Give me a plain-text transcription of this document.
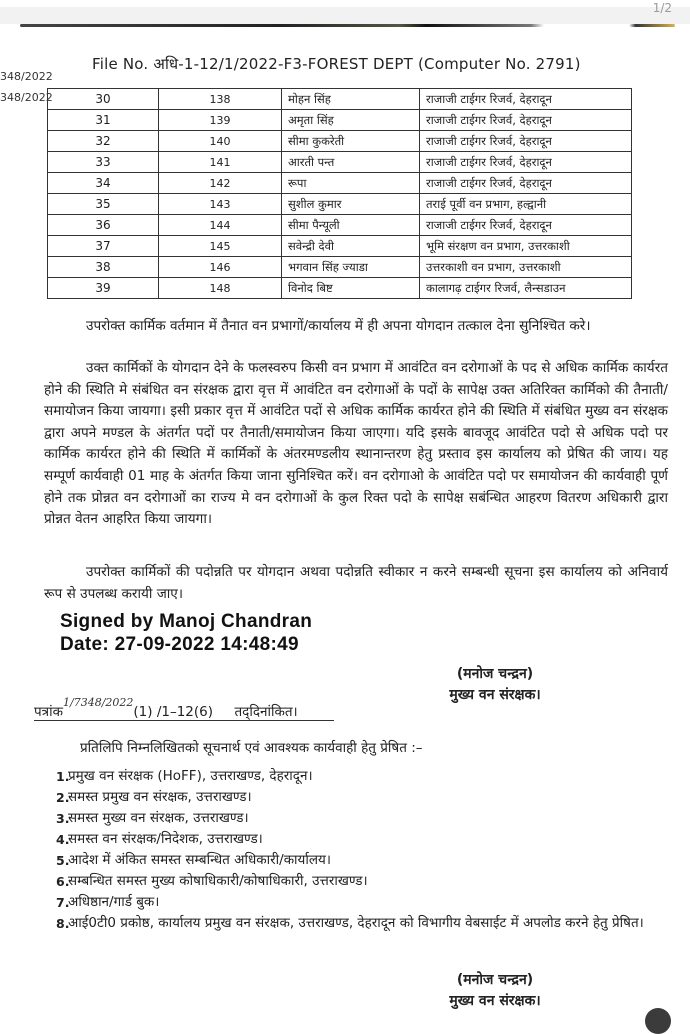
1/2
File No. अधि-1-12/1/2022-F3-FOREST DEPT (Computer No. 2791)
348/2022
348/2022	30	138	मोहन सिंह	राजाजी टाईगर रिजर्व, देहरादून
31	139	अमृता सिंह	राजाजी टाईगर रिजर्व, देहरादून
32	140	सीमा कुकरेती	राजाजी टाईगर रिजर्व, देहरादून
33	141	आरती पन्त	राजाजी टाईगर रिजर्व, देहरादून
34	142	रूपा	राजाजी टाईगर रिजर्व, देहरादून
35	143	सुशील कुमार	तराई पूर्वी वन प्रभाग, हल्द्वानी
36	144	सीमा पैन्यूली	राजाजी टाईगर रिजर्व, देहरादून
37	145	सवेन्द्री देवी	भूमि संरक्षण वन प्रभाग, उत्तरकाशी
38	146	भगवान सिंह ज्याडा	उत्तरकाशी वन प्रभाग, उत्तरकाशी
39	148	विनोद बिष्ट	कालागढ़ टाईगर रिजर्व, लैन्सडाउन
उपरोक्त कार्मिक वर्तमान में तैनात वन प्रभागों/कार्यालय में ही अपना योगदान तत्काल देना सुनिश्चित करे।
उक्त कार्मिकों के योगदान देने के फलस्वरुप किसी वन प्रभाग में आवंटित वन दरोगाओं के पद से अधिक कार्मिक कार्यरत होने की स्थिति मे संबंधित वन संरक्षक द्वारा वृत्त में आवंटित वन दरोगाओं के पदों के सापेक्ष उक्त अतिरिक्त कार्मिको की तैनाती/समायोजन किया जायगा। इसी प्रकार वृत्त में आवंटित पदों से अधिक कार्मिक कार्यरत होने की स्थिति में संबंधित मुख्य वन संरक्षक द्वारा अपने मण्डल के अंतर्गत पदों पर तैनाती/समायोजन किया जाएगा। यदि इसके बावजूद आवंटित पदो से अधिक पदो पर कार्मिक कार्यरत होने की स्थिति में कार्मिकों के अंतरमण्डलीय स्थानान्तरण हेतु प्रस्ताव इस कार्यालय को प्रेषित की जाय। यह सम्पूर्ण कार्यवाही 01 माह के अंतर्गत किया जाना सुनिश्चित करें। वन दरोगाओ के आवंटित पदो पर समायोजन की कार्यवाही पूर्ण होने तक प्रोन्नत वन दरोगाओं का राज्य मे वन दरोगाओं के कुल रिक्त पदो के सापेक्ष सबंन्धित आहरण वितरण अधिकारी द्वारा प्रोन्नत वेतन आहरित किया जायगा।
उपरोक्त कार्मिकों की पदोन्नति पर योगदान अथवा पदोन्नति स्वीकार न करने सम्बन्धी सूचना इस कार्यालय को अनिवार्य रूप से उपलब्ध करायी जाए।
Signed by Manoj Chandran
Date: 27-09-2022 14:48:49
(मनोज चन्द्रन)
मुख्य वन संरक्षक।
पत्रांक$^{1/7348/2022}$(1) /1–12(6) तद्‌दिनांकित।
प्रतिलिपि निम्नलिखितको सूचनार्थ एवं आवश्यक कार्यवाही हेतु प्रेषित :–
1.
प्रमुख वन संरक्षक (HoFF), उत्तराखण्ड, देहरादून।
2.
समस्त प्रमुख वन संरक्षक, उत्तराखण्ड।
3.
समस्त मुख्य वन संरक्षक, उत्तराखण्ड।
4.
समस्त वन संरक्षक/निदेशक, उत्तराखण्ड।
5.
आदेश में अंकित समस्त सम्बन्धित अधिकारी/कार्यालय।
6.
सम्बन्धित समस्त मुख्य कोषाधिकारी/कोषाधिकारी, उत्तराखण्ड।
7.
अधिष्ठान/गार्ड बुक।
8.
आई0टी0 प्रकोष्ठ, कार्यालय प्रमुख वन संरक्षक, उत्तराखण्ड, देहरादून को विभागीय वेबसाईट में अपलोड करने हेतु प्रेषित।
(मनोज चन्द्रन)
मुख्य वन संरक्षक।
